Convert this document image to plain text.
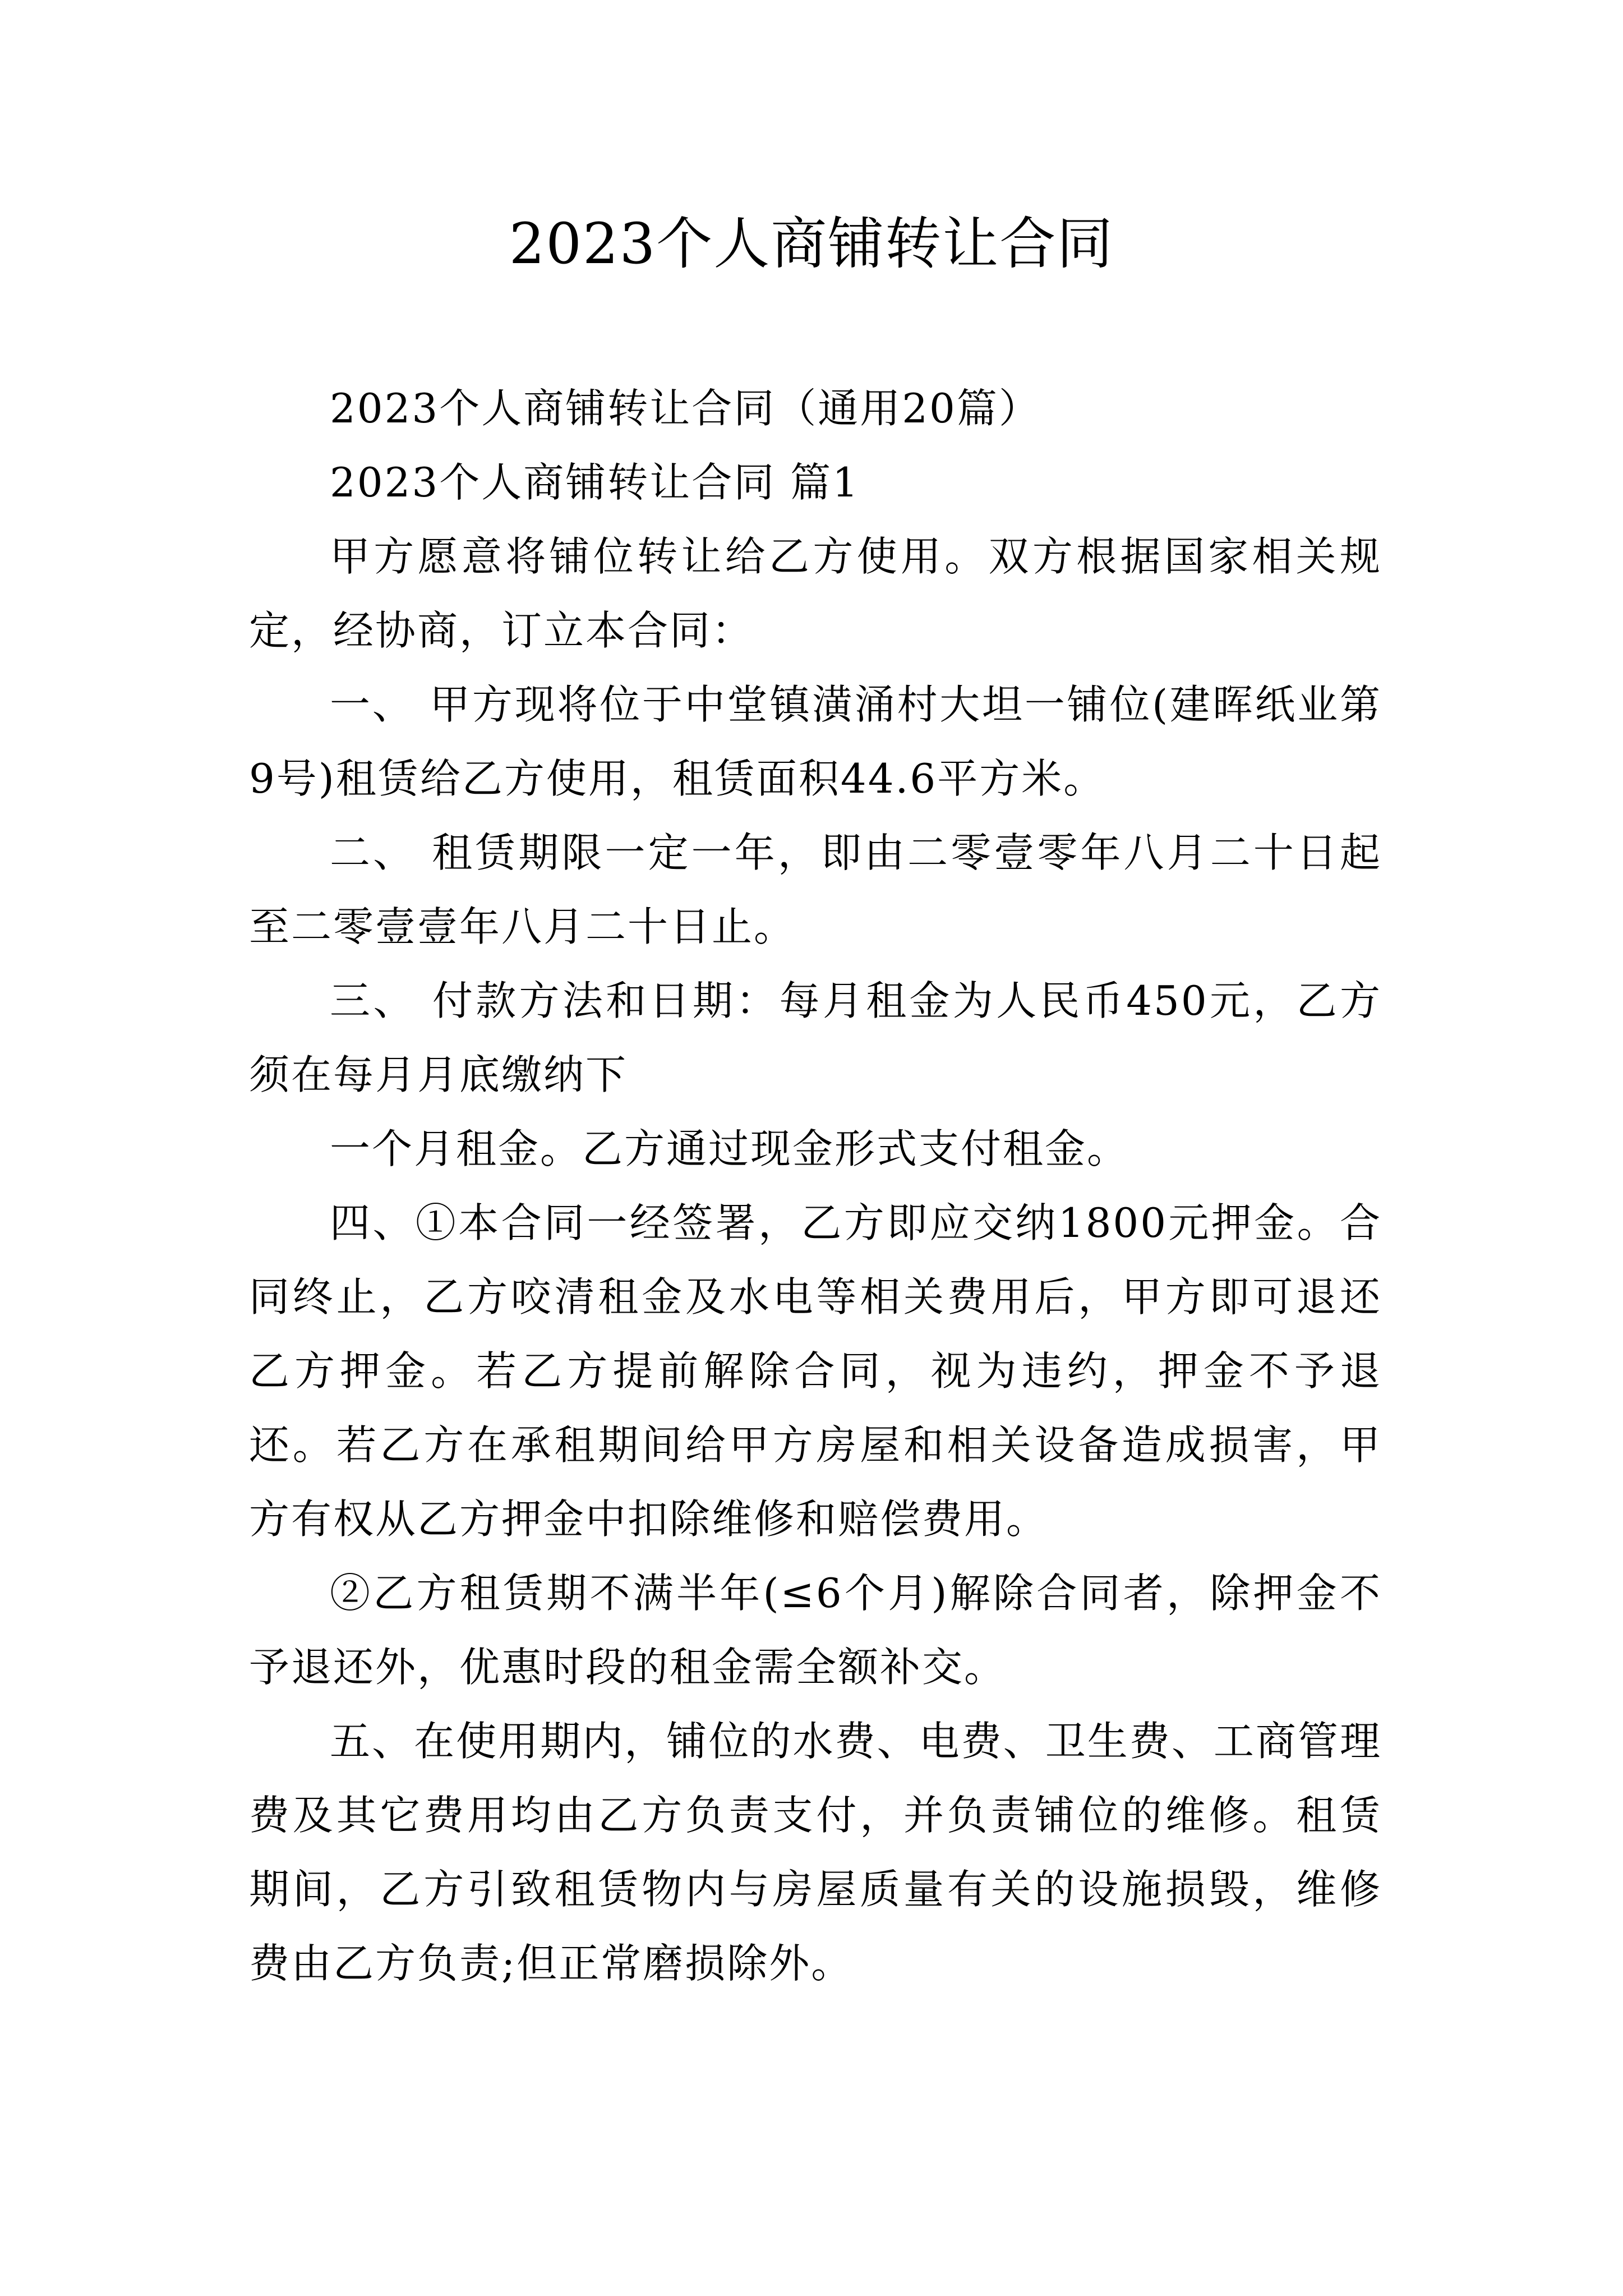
2023个人商铺转让合同

2023个人商铺转让合同（通用20篇）

2023个人商铺转让合同 篇1

甲方愿意将铺位转让给乙方使用。双方根据国家相关规定，经协商，订立本合同：

一、 甲方现将位于中堂镇潢涌村大坦一铺位(建晖纸业第9号)租赁给乙方使用，租赁面积44.6平方米。

二、 租赁期限一定一年，即由二零壹零年八月二十日起至二零壹壹年八月二十日止。

三、 付款方法和日期：每月租金为人民币450元，乙方须在每月月底缴纳下

一个月租金。乙方通过现金形式支付租金。

四、①本合同一经签署，乙方即应交纳1800元押金。合同终止，乙方咬清租金及水电等相关费用后，甲方即可退还乙方押金。若乙方提前解除合同，视为违约，押金不予退还。若乙方在承租期间给甲方房屋和相关设备造成损害，甲方有权从乙方押金中扣除维修和赔偿费用。

②乙方租赁期不满半年(≤6个月)解除合同者，除押金不予退还外，优惠时段的租金需全额补交。

五、在使用期内，铺位的水费、电费、卫生费、工商管理费及其它费用均由乙方负责支付，并负责铺位的维修。租赁期间，乙方引致租赁物内与房屋质量有关的设施损毁，维修费由乙方负责;但正常磨损除外。
